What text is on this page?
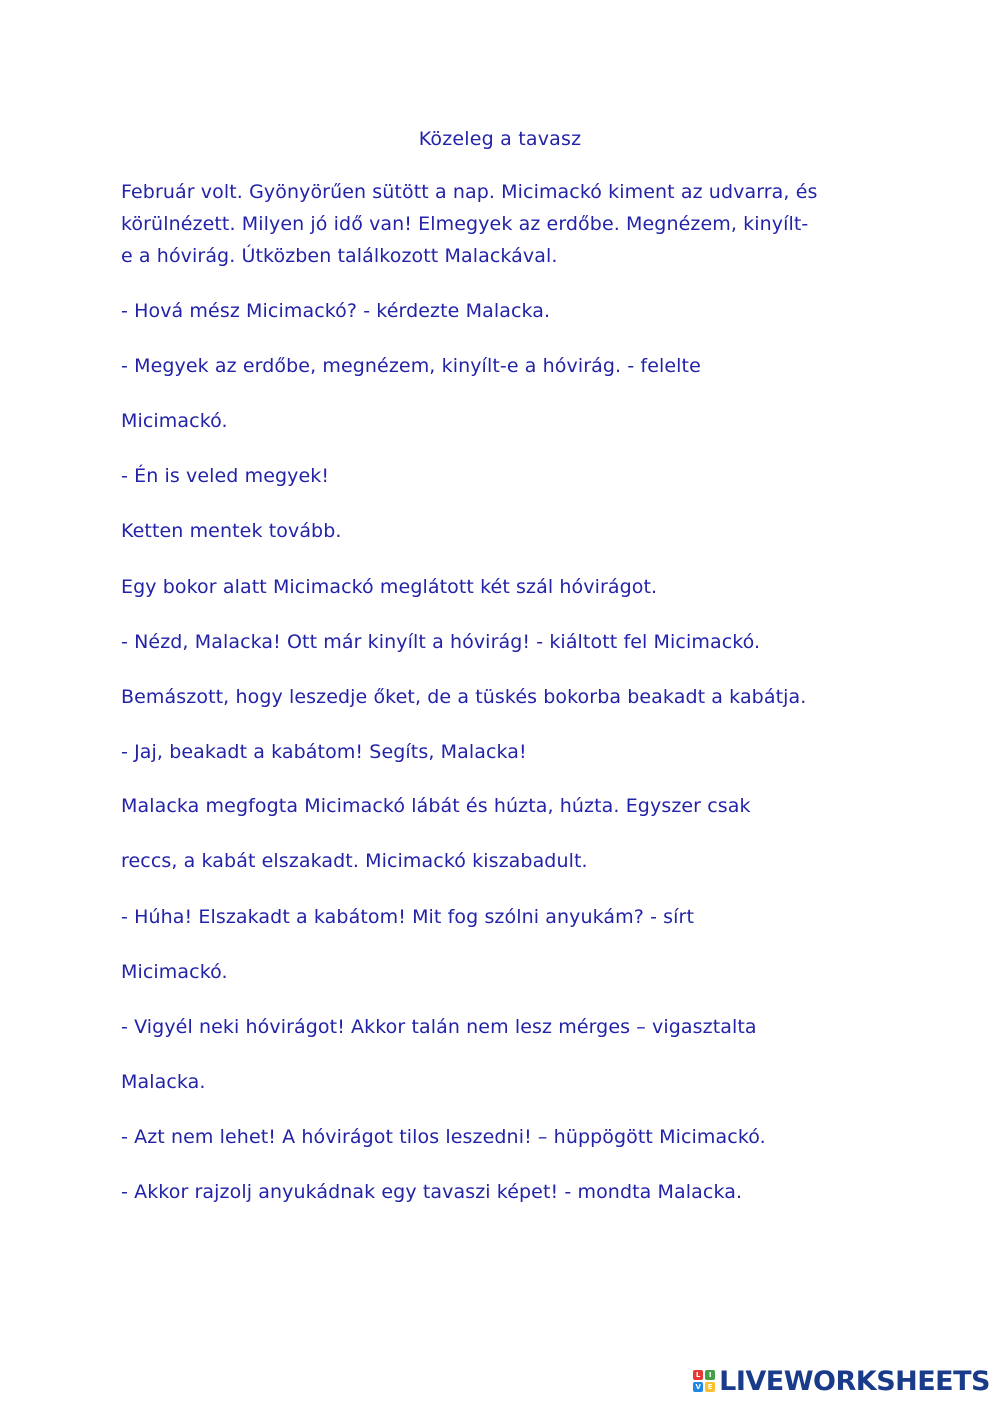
Közeleg a tavasz
Február volt. Gyönyörűen sütött a nap. Micimackó kiment az udvarra, és
körülnézett. Milyen jó idő van! Elmegyek az erdőbe. Megnézem, kinyílt-
e a hóvirág. Útközben találkozott Malackával.
- Hová mész Micimackó? - kérdezte Malacka.
- Megyek az erdőbe, megnézem, kinyílt-e a hóvirág. - felelte
Micimackó.
- Én is veled megyek!
Ketten mentek tovább.
Egy bokor alatt Micimackó meglátott két szál hóvirágot.
- Nézd, Malacka! Ott már kinyílt a hóvirág! - kiáltott fel Micimackó.
Bemászott, hogy leszedje őket, de a tüskés bokorba beakadt a kabátja.
- Jaj, beakadt a kabátom! Segíts, Malacka!
Malacka megfogta Micimackó lábát és húzta, húzta. Egyszer csak
reccs, a kabát elszakadt. Micimackó kiszabadult.
- Húha! Elszakadt a kabátom! Mit fog szólni anyukám? - sírt
Micimackó.
- Vigyél neki hóvirágot! Akkor talán nem lesz mérges – vigasztalta
Malacka.
- Azt nem lehet! A hóvirágot tilos leszedni! – hüppögött Micimackó.
- Akkor rajzolj anyukádnak egy tavaszi képet! - mondta Malacka.
L	I
V E LIVEWORKSHEETS
